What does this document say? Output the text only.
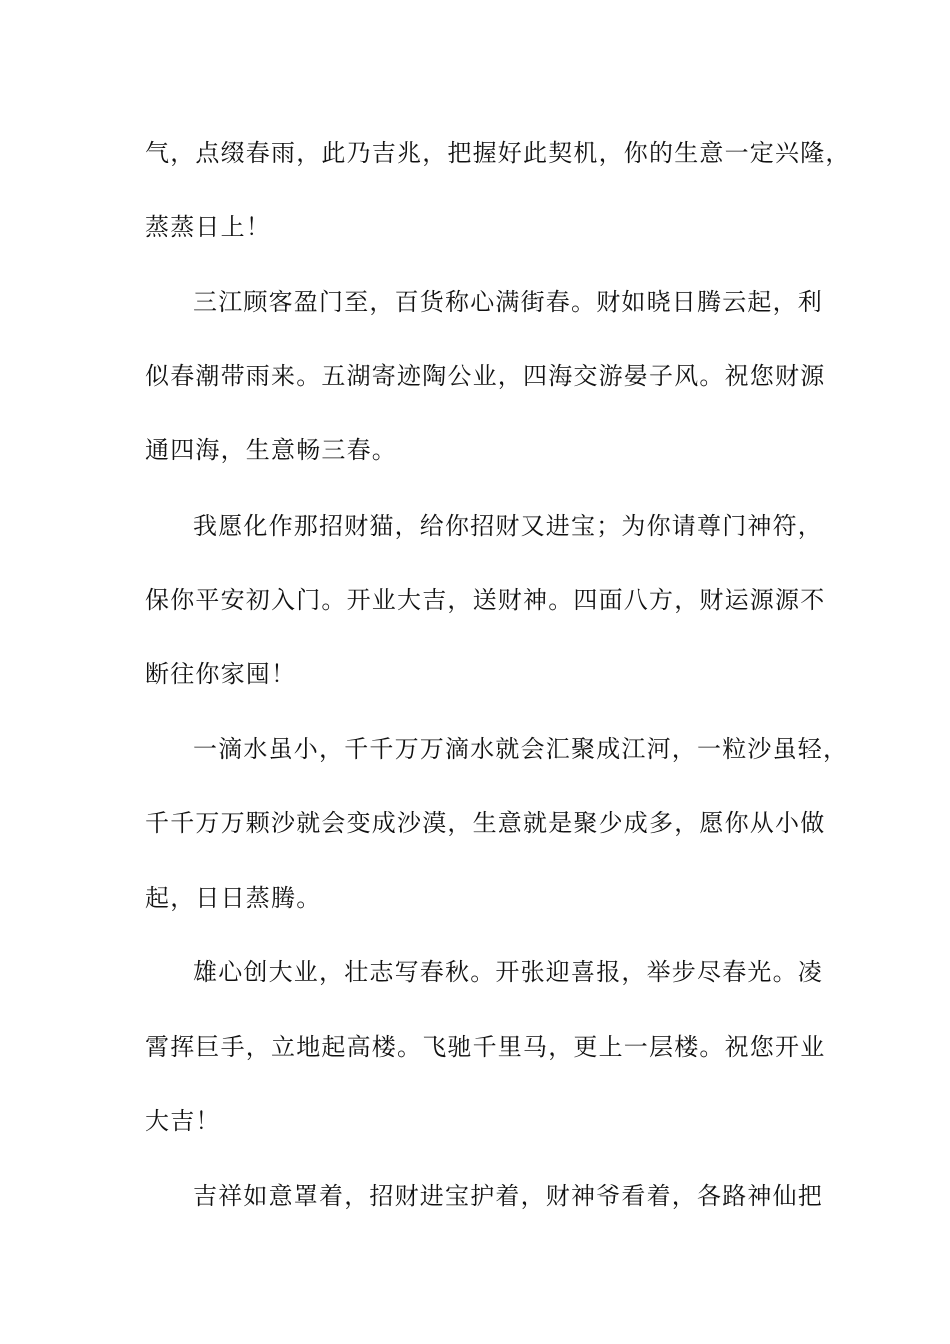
气，点缀春雨，此乃吉兆，把握好此契机，你的生意一定兴隆，
蒸蒸日上！
三江顾客盈门至，百货称心满街春。财如晓日腾云起，利
似春潮带雨来。五湖寄迹陶公业，四海交游晏子风。祝您财源
通四海，生意畅三春。
我愿化作那招财猫，给你招财又进宝；为你请尊门神符，
保你平安初入门。开业大吉，送财神。四面八方，财运源源不
断往你家囤！
一滴水虽小，千千万万滴水就会汇聚成江河，一粒沙虽轻，
千千万万颗沙就会变成沙漠，生意就是聚少成多，愿你从小做
起，日日蒸腾。
雄心创大业，壮志写春秋。开张迎喜报，举步尽春光。凌
霄挥巨手，立地起高楼。飞驰千里马，更上一层楼。祝您开业
大吉！
吉祥如意罩着，招财进宝护着，财神爷看着，各路神仙把
